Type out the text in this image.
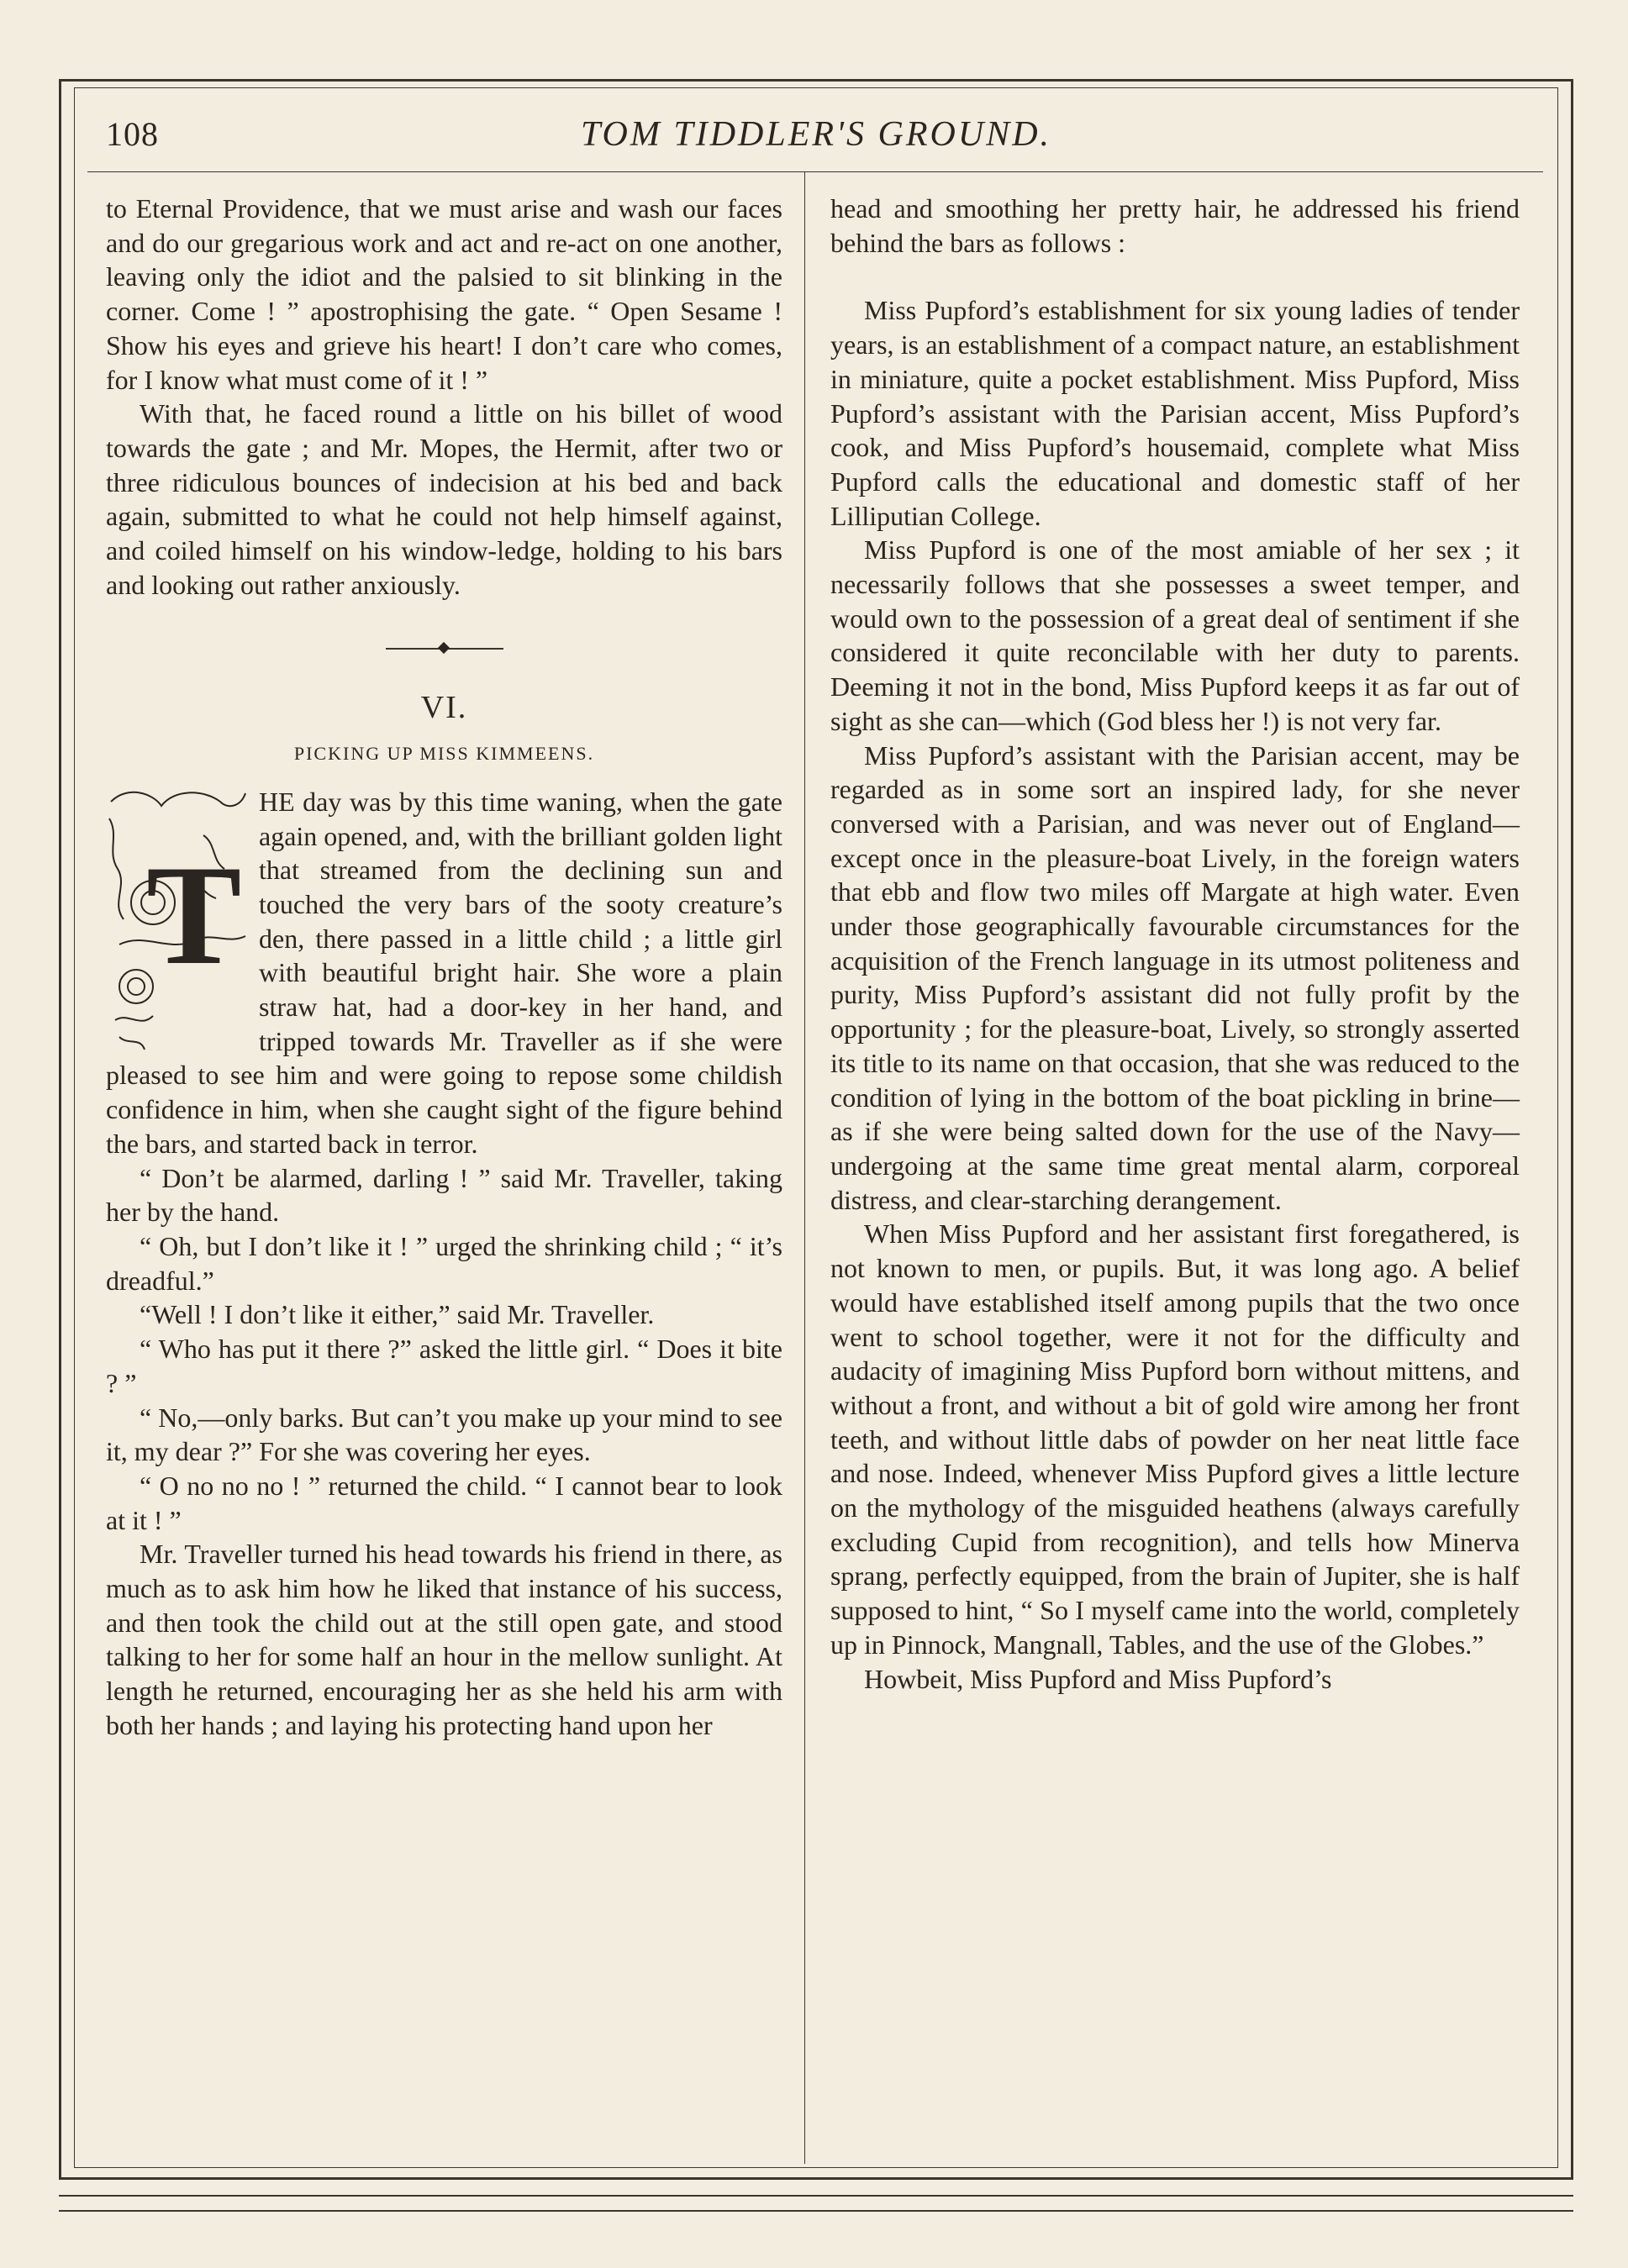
108	TOM TIDDLER'S GROUND.

to Eternal Providence, that we must arise and wash our faces and do our gregarious work and act and re-act on one another, leaving only the idiot and the palsied to sit blinking in the corner. Come ! ” apostrophising the gate. “ Open Sesame ! Show his eyes and grieve his heart! I don’t care who comes, for I know what must come of it ! ”

With that, he faced round a little on his billet of wood towards the gate ; and Mr. Mopes, the Hermit, after two or three ridiculous bounces of indecision at his bed and back again, submitted to what he could not help himself against, and coiled himself on his window-ledge, holding to his bars and looking out rather anxiously.

VI.
PICKING UP MISS KIMMEENS.
T

HE day was by this time waning, when the gate again opened, and, with the brilliant golden light that streamed from the declining sun and touched the very bars of the sooty creature’s den, there passed in a little child ; a little girl with beautiful bright hair. She wore a plain straw hat, had a door-key in her hand, and tripped towards Mr. Traveller as if she were pleased to see him and were going to repose some childish confidence in him, when she caught sight of the figure behind the bars, and started back in terror.

“ Don’t be alarmed, darling ! ” said Mr. Traveller, taking her by the hand.

“ Oh, but I don’t like it ! ” urged the shrinking child ; “ it’s dreadful.”

“Well ! I don’t like it either,” said Mr. Traveller.

“ Who has put it there ?” asked the little girl. “ Does it bite ? ”

“ No,—only barks. But can’t you make up your mind to see it, my dear ?” For she was covering her eyes.

“ O no no no ! ” returned the child. “ I cannot bear to look at it ! ”

Mr. Traveller turned his head towards his friend in there, as much as to ask him how he liked that instance of his success, and then took the child out at the still open gate, and stood talking to her for some half an hour in the mellow sunlight. At length he returned, encouraging her as she held his arm with both her hands ; and laying his protecting hand upon her

head and smoothing her pretty hair, he addressed his friend behind the bars as follows :

Miss Pupford’s establishment for six young ladies of tender years, is an establishment of a compact nature, an establishment in miniature, quite a pocket establishment. Miss Pupford, Miss Pupford’s assistant with the Parisian accent, Miss Pupford’s cook, and Miss Pupford’s housemaid, complete what Miss Pupford calls the educational and domestic staff of her Lilliputian College.

Miss Pupford is one of the most amiable of her sex ; it necessarily follows that she possesses a sweet temper, and would own to the possession of a great deal of sentiment if she considered it quite reconcilable with her duty to parents. Deeming it not in the bond, Miss Pupford keeps it as far out of sight as she can—which (God bless her !) is not very far.

Miss Pupford’s assistant with the Parisian accent, may be regarded as in some sort an inspired lady, for she never conversed with a Parisian, and was never out of England—except once in the pleasure-boat Lively, in the foreign waters that ebb and flow two miles off Margate at high water. Even under those geographically favourable circumstances for the acquisition of the French language in its utmost politeness and purity, Miss Pupford’s assistant did not fully profit by the opportunity ; for the pleasure-boat, Lively, so strongly asserted its title to its name on that occasion, that she was reduced to the condition of lying in the bottom of the boat pickling in brine—as if she were being salted down for the use of the Navy—undergoing at the same time great mental alarm, corporeal distress, and clear-starching derangement.

When Miss Pupford and her assistant first foregathered, is not known to men, or pupils. But, it was long ago. A belief would have established itself among pupils that the two once went to school together, were it not for the difficulty and audacity of imagining Miss Pupford born without mittens, and without a front, and without a bit of gold wire among her front teeth, and without little dabs of powder on her neat little face and nose. Indeed, whenever Miss Pupford gives a little lecture on the mythology of the misguided heathens (always carefully excluding Cupid from recognition), and tells how Minerva sprang, perfectly equipped, from the brain of Jupiter, she is half supposed to hint, “ So I myself came into the world, completely up in Pinnock, Mangnall, Tables, and the use of the Globes.”

Howbeit, Miss Pupford and Miss Pupford’s
